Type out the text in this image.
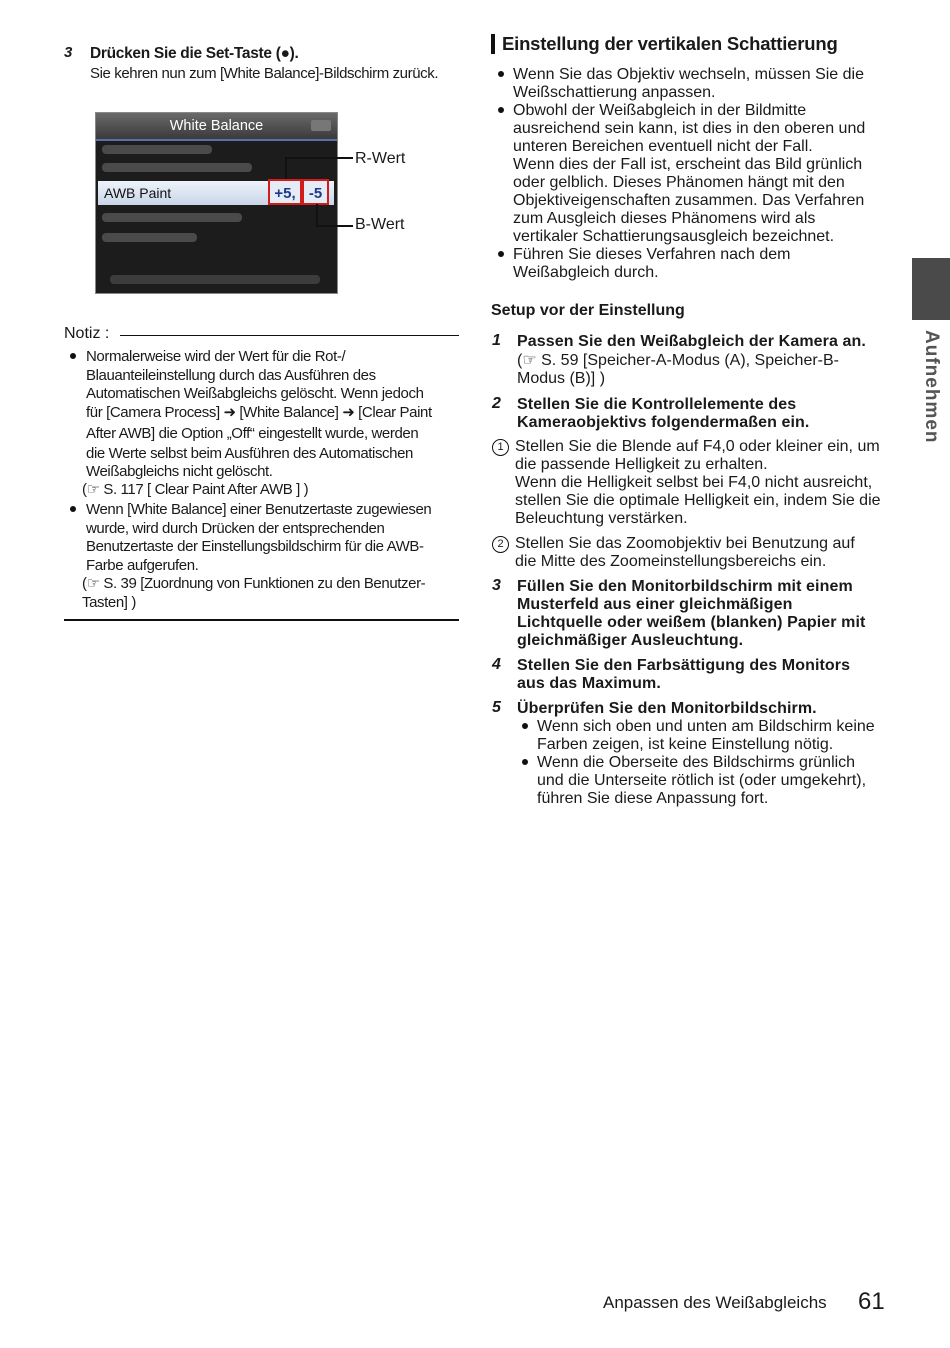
3 Drücken Sie die Set-Taste (●).
Sie kehren nun zum [White Balance]-Bildschirm zurück.
White Balance
AWB Paint	+5, -5
R-Wert
B-Wert
Notiz :
Normalerweise wird der Wert für die Rot-/
Blauanteileinstellung durch das Ausführen des
Automatischen Weißabgleichs gelöscht. Wenn jedoch
für [Camera Process] ➜ [White Balance] ➜ [Clear Paint
After AWB] die Option „Off“ eingestellt wurde, werden
die Werte selbst beim Ausführen des Automatischen
Weißabgleichs nicht gelöscht.
(☞ S. 117 [ Clear Paint After AWB ] )
Wenn [White Balance] einer Benutzertaste zugewiesen
wurde, wird durch Drücken der entsprechenden
Benutzertaste der Einstellungsbildschirm für die AWB-
Farbe aufgerufen.
(☞ S. 39 [Zuordnung von Funktionen zu den Benutzer-
Tasten] )
Einstellung der vertikalen Schattierung
Wenn Sie das Objektiv wechseln, müssen Sie die
Weißschattierung anpassen.
Obwohl der Weißabgleich in der Bildmitte
ausreichend sein kann, ist dies in den oberen und
unteren Bereichen eventuell nicht der Fall.
Wenn dies der Fall ist, erscheint das Bild grünlich
oder gelblich. Dieses Phänomen hängt mit den
Objektiveigenschaften zusammen. Das Verfahren
zum Ausgleich dieses Phänomens wird als
vertikaler Schattierungsausgleich bezeichnet.
Führen Sie dieses Verfahren nach dem
Weißabgleich durch.
Setup vor der Einstellung
1 Passen Sie den Weißabgleich der Kamera an.
(☞ S. 59 [Speicher-A-Modus (A), Speicher-B-
Modus (B)] )
2 Stellen Sie die Kontrollelemente des
Kameraobjektivs folgendermaßen ein.
1 Stellen Sie die Blende auf F4,0 oder kleiner ein, um
die passende Helligkeit zu erhalten.
Wenn die Helligkeit selbst bei F4,0 nicht ausreicht,
stellen Sie die optimale Helligkeit ein, indem Sie die
Beleuchtung verstärken.
2 Stellen Sie das Zoomobjektiv bei Benutzung auf
die Mitte des Zoomeinstellungsbereichs ein.
3 Füllen Sie den Monitorbildschirm mit einem
Musterfeld aus einer gleichmäßigen
Lichtquelle oder weißem (blanken) Papier mit
gleichmäßiger Ausleuchtung.
4 Stellen Sie den Farbsättigung des Monitors
aus das Maximum.
5 Überprüfen Sie den Monitorbildschirm.
Wenn sich oben und unten am Bildschirm keine
Farben zeigen, ist keine Einstellung nötig.
Wenn die Oberseite des Bildschirms grünlich
und die Unterseite rötlich ist (oder umgekehrt),
führen Sie diese Anpassung fort.
Aufnehmen
Anpassen des Weißabgleichs 61
